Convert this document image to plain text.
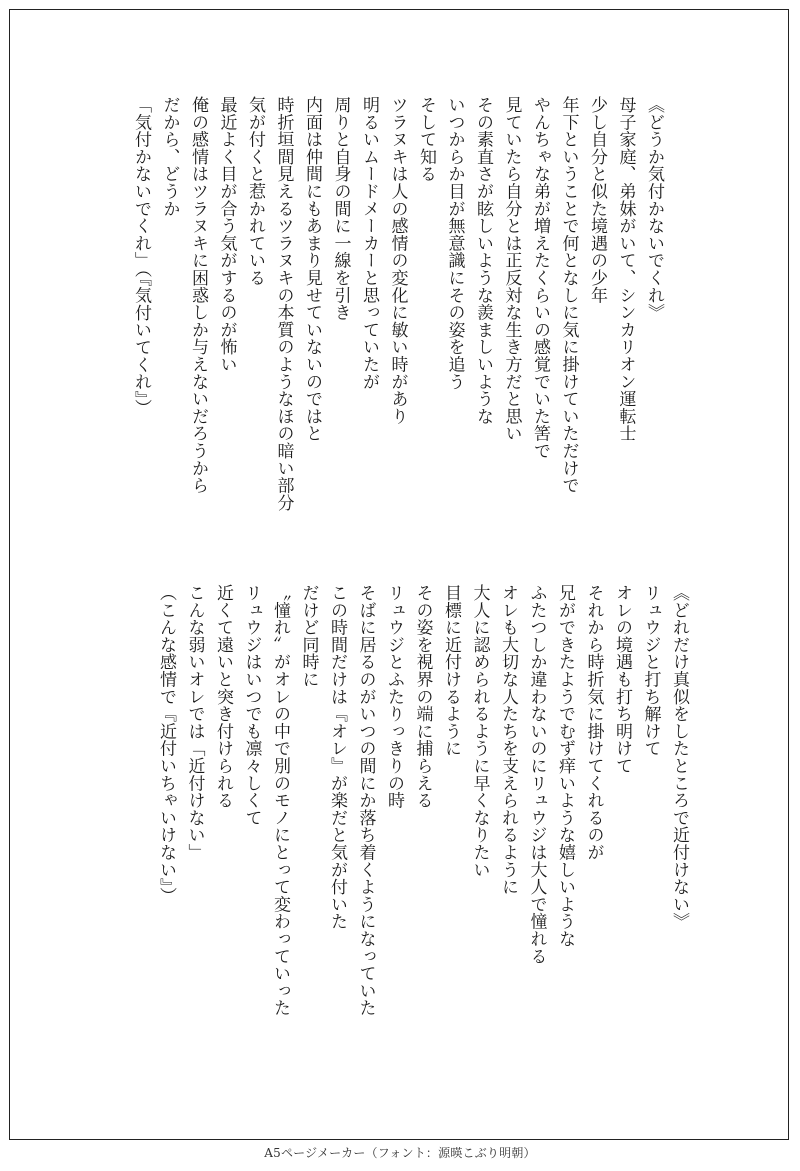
《どうか気付かないでくれ》
母子家庭、弟妹がいて、シンカリオン運転士
少し自分と似た境遇の少年
年下ということで何となしに気に掛けていただけで
やんちゃな弟が増えたくらいの感覚でいた筈で
見ていたら自分とは正反対な生き方だと思い
その素直さが眩しいような羨ましいような
いつからか目が無意識にその姿を追う
そして知る
ツラヌキは人の感情の変化に敏い時があり
明るいムードメーカーと思っていたが
周りと自身の間に一線を引き
内面は仲間にもあまり見せていないのではと
時折垣間見えるツラヌキの本質のようなほの暗い部分
気が付くと惹かれている
最近よく目が合う気がするのが怖い
俺の感情はツラヌキに困惑しか与えないだろうから
だから、どうか
「気付かないでくれ」（『気付いてくれ』）
《どれだけ真似をしたところで近付けない》
リュウジと打ち解けて
オレの境遇も打ち明けて
それから時折気に掛けてくれるのが
兄ができたようでむず痒いような嬉しいような
ふたつしか違わないのにリュウジは大人で憧れる
オレも大切な人たちを支えられるように
大人に認められるように早くなりたい
目標に近付けるように
その姿を視界の端に捕らえる
リュウジとふたりっきりの時
そばに居るのがいつの間にか落ち着くようになっていた
この時間だけは『オレ』が楽だと気が付いた
だけど同時に
〝憧れ〟がオレの中で別のモノにとって変わっていった
リュウジはいつでも凛々しくて
近くて遠いと突き付けられる
こんな弱いオレでは「近付けない」
（こんな感情で『近付いちゃいけない』）
A5ページメーカー（フォント：源暎こぶり明朝）
